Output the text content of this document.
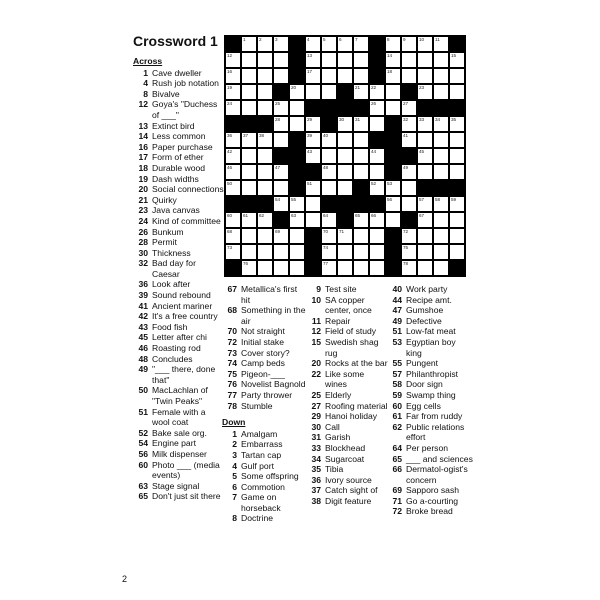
Crossword 1	1	2	3	4	5	6	7	8	9	10 11
12	13	14	15
16	17	18
19	20	21 22	23
24	25	26	27
28	29	30 31	32 33 34 35
36 37 38	39 40	41
42	43	44	45
46	47	48	49
50	51	52 53
54 55	56	57 58 59
60 61 62	63	64	65 66	67
68	69	70 71	72
73	74	75
76	77	78
Across
1 Cave dweller
4 Rush job notation
8 Bivalve
12 Goya's "Duchess of ___"
13 Extinct bird
14 Less common
16 Paper purchase
17 Form of ether
18 Durable wood
19 Dash widths
20 Social connections
21 Quirky
23 Java canvas
24 Kind of committee
26 Bunkum
28 Permit
30 Thickness
32 Bad day for Caesar
36 Look after
39 Sound rebound
41 Ancient mariner
42 It's a free country
43 Food fish
45 Letter after chi
46 Roasting rod
48 Concludes
49 "___ there, done that"
50 MacLachlan of "Twin Peaks"
51 Female with a wool coat
52 Bake sale org.
54 Engine part
56 Milk dispenser
60 Photo ___ (media events)
63 Stage signal
65 Don't just sit there
67 Metallica's first hit
68 Something in the air
70 Not straight
72 Initial stake
73 Cover story?
74 Camp beds
75 Pigeon-___
76 Novelist Bagnold
77 Party thrower
78 Stumble
Down
1 Amalgam
2 Embarrass
3 Tartan cap
4 Gulf port
5 Some offspring
6 Commotion
7 Game on horseback
8 Doctrine
9 Test site
10 SA copper center, once
11 Repair
12 Field of study
15 Swedish shag rug
20 Rocks at the bar
22 Like some wines
25 Elderly
27 Roofing material
29 Hanoi holiday
30 Call
31 Garish
33 Blockhead
34 Sugarcoat
35 Tibia
36 Ivory source
37 Catch sight of
38 Digit feature
40 Work party
44 Recipe amt.
47 Gumshoe
49 Defective
51 Low-fat meat
53 Egyptian boy king
55 Pungent
57 Philanthropist
58 Door sign
59 Swamp thing
60 Egg cells
61 Far from ruddy
62 Public relations effort
64 Per person
65 ___ and sciences
66 Dermatol-ogist's concern
69 Sapporo sash
71 Go a-courting
72 Broke bread
2
